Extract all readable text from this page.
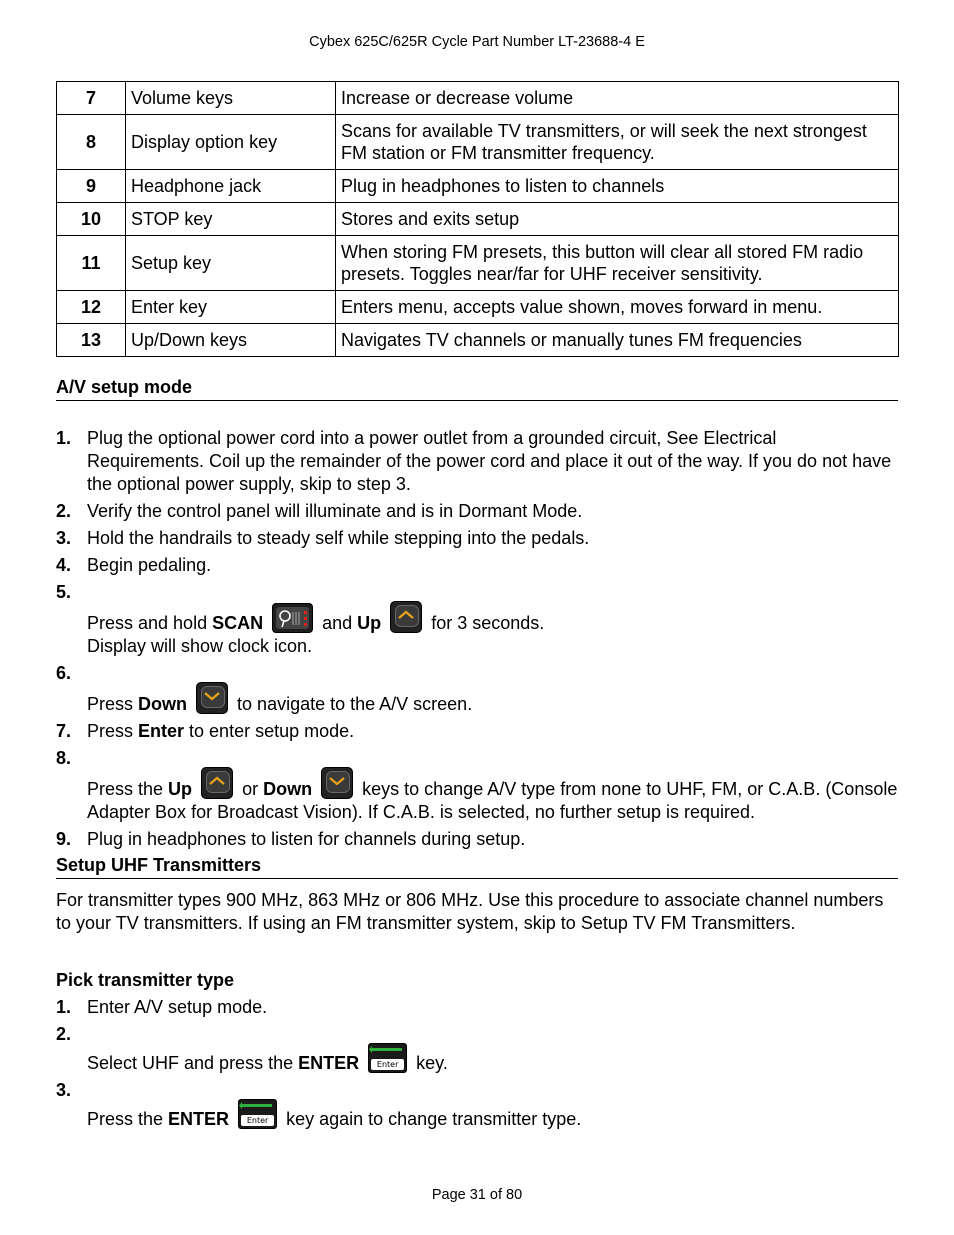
Cybex 625C/625R Cycle Part Number LT-23688-4 E
7	Volume keys	Increase or decrease volume
8	Display option key	Scans for available TV transmitters, or will seek the next strongest FM station or FM transmitter frequency.
9	Headphone jack	Plug in headphones to listen to channels
10	STOP key	Stores and exits setup
11	Setup key	When storing FM presets, this button will clear all stored FM radio presets. Toggles near/far for UHF receiver sensitivity.
12	Enter key	Enters menu, accepts value shown, moves forward in menu.
13	Up/Down keys	Navigates TV channels or manually tunes FM frequencies
A/V setup mode
1. Plug the optional power cord into a power outlet from a grounded circuit, See Electrical Requirements. Coil up the remainder of the power cord and place it out of the way. If you do not have the optional power supply, skip to step 3.
2. Verify the control panel will illuminate and is in Dormant Mode.
3. Hold the handrails to steady self while stepping into the pedals.
4. Begin pedaling.
5.
Press and hold SCAN	and Up	for 3 seconds.
Display will show clock icon.
6.
Press Down	to navigate to the A/V screen.
7. Press Enter to enter setup mode.
8.
Press the Up	or Down	keys to change A/V type from none to UHF, FM, or C.A.B. (Console Adapter Box for Broadcast Vision). If C.A.B. is selected, no further setup is required.
9. Plug in headphones to listen for channels during setup.
Setup UHF Transmitters
For transmitter types 900 MHz, 863 MHz or 806 MHz. Use this procedure to associate channel numbers to your TV transmitters. If using an FM transmitter system, skip to Setup TV FM Transmitters.
Pick transmitter type
1. Enter A/V setup mode.
2.
Select UHF and press the ENTER	Enter key.
3.
Press the ENTER	Enter key again to change transmitter type.
Page 31 of 80
